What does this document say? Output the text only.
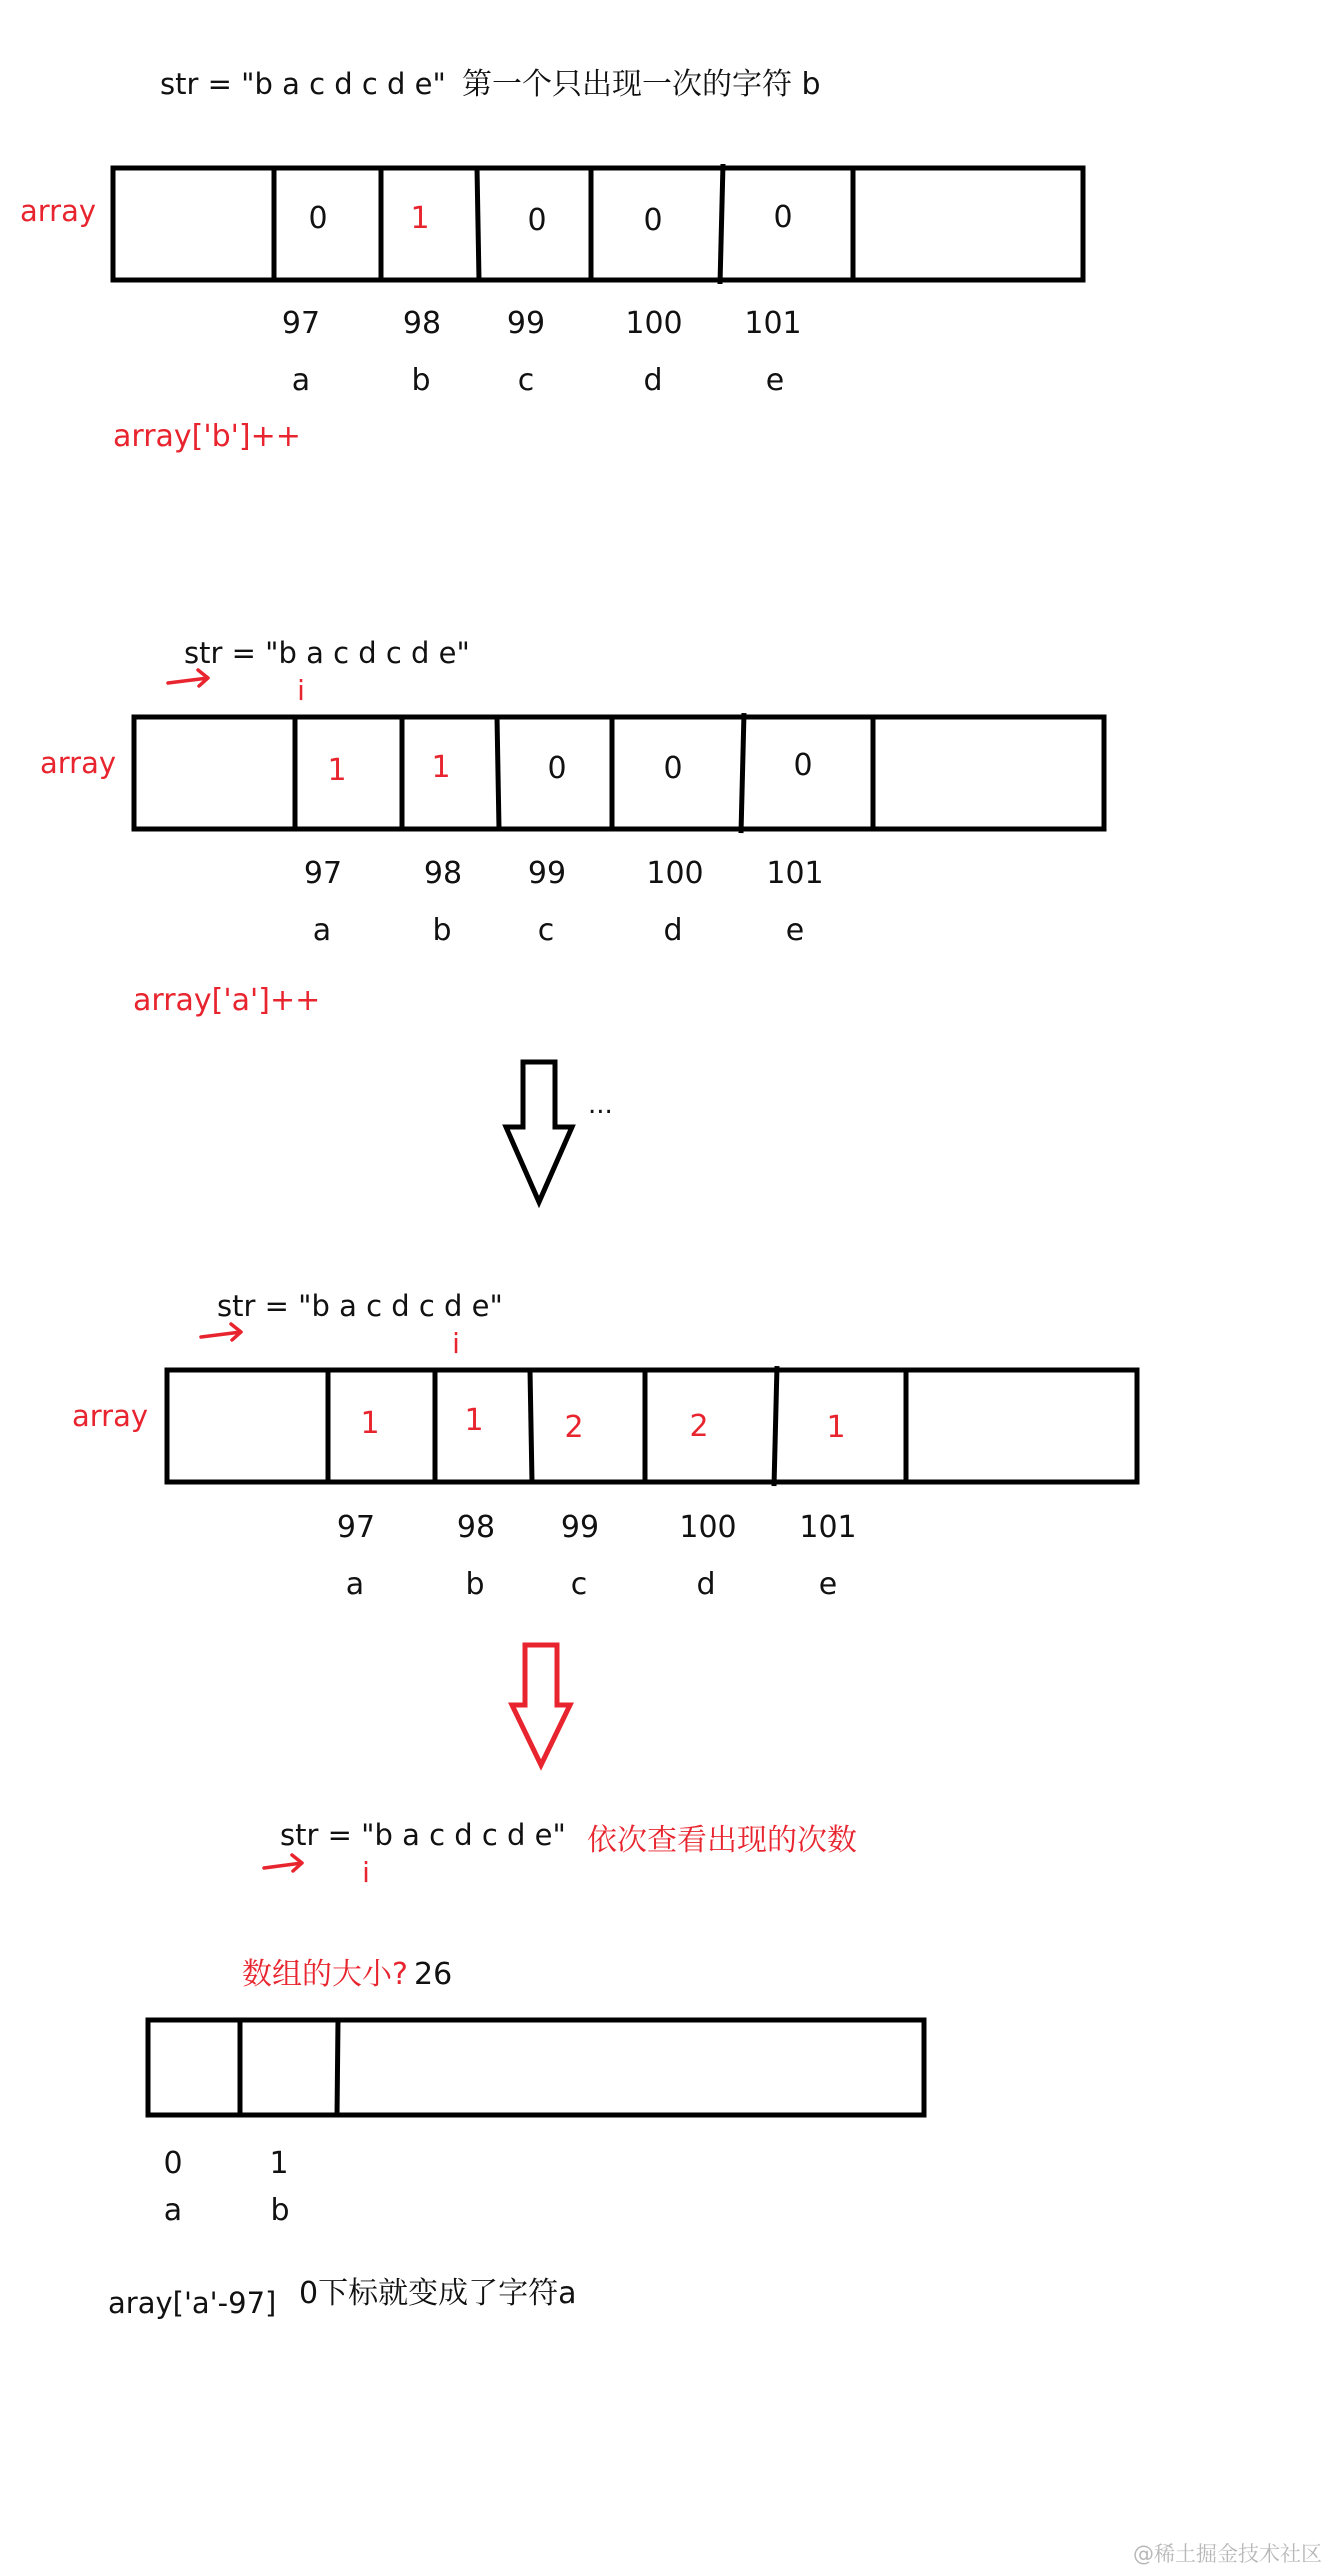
str = "b a c d c d e" 第一个只出现一次的字符 b
array	0	1	0	0	0
97	98 99	100 101
a	b	c	d	e
array['b']++
str = "b a c d c d e"
i
array	1	1	0	0	0
97	98 99	100 101
a	b	c	d	e
array['a']++
...
str = "b a c d c d e"
i
array	1	1	2	2	1
97	98 99	100 101
a	b	c	d	e
str = "b a c d c d e" 依次查看出现的次数
i
数组的大小? 26
0	1
a	b
aray['a'-97] 0下标就变成了字符a
@稀土掘金技术社区
